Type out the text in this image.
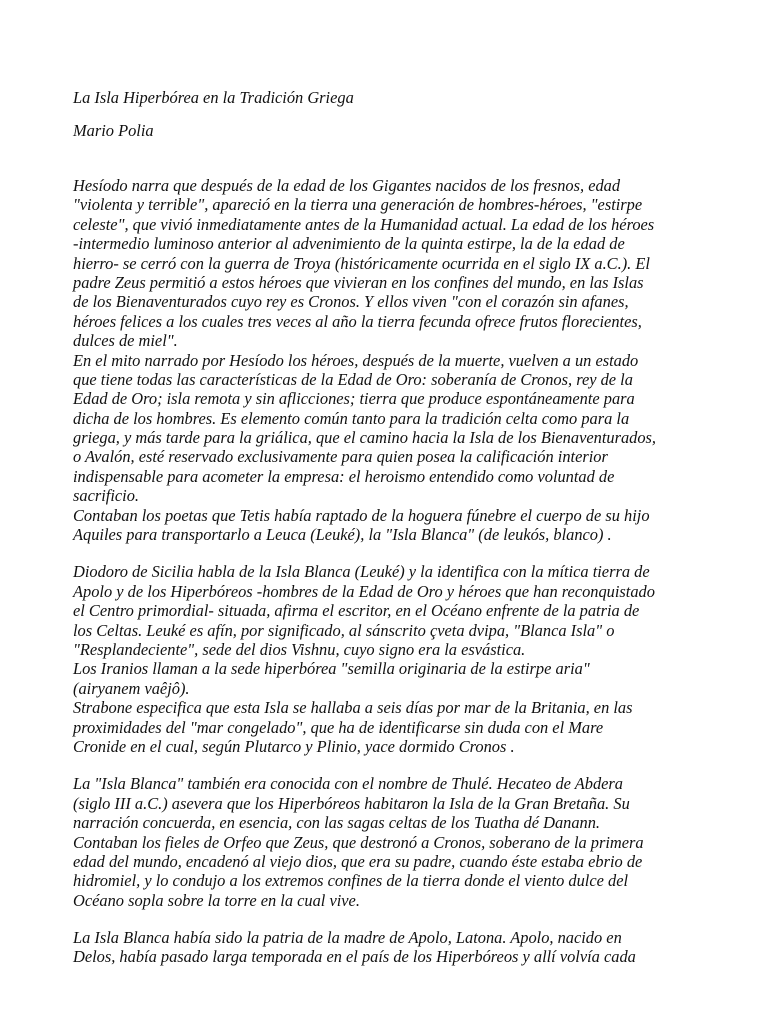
La Isla Hiperbórea en la Tradición Griega
Mario Polia
Hesíodo narra que después de la edad de los Gigantes nacidos de los fresnos, edad
"violenta y terrible", apareció en la tierra una generación de hombres-héroes, "estirpe
celeste", que vivió inmediatamente antes de la Humanidad actual. La edad de los héroes
-intermedio luminoso anterior al advenimiento de la quinta estirpe, la de la edad de
hierro- se cerró con la guerra de Troya (históricamente ocurrida en el siglo IX a.C.). El
padre Zeus permitió a estos héroes que vivieran en los confines del mundo, en las Islas
de los Bienaventurados cuyo rey es Cronos. Y ellos viven "con el corazón sin afanes,
héroes felices a los cuales tres veces al año la tierra fecunda ofrece frutos florecientes,
dulces de miel".
En el mito narrado por Hesíodo los héroes, después de la muerte, vuelven a un estado
que tiene todas las características de la Edad de Oro: soberanía de Cronos, rey de la
Edad de Oro; isla remota y sin aflicciones; tierra que produce espontáneamente para
dicha de los hombres. Es elemento común tanto para la tradición celta como para la
griega, y más tarde para la griálica, que el camino hacia la Isla de los Bienaventurados,
o Avalón, esté reservado exclusivamente para quien posea la calificación interior
indispensable para acometer la empresa: el heroismo entendido como voluntad de
sacrificio.
Contaban los poetas que Tetis había raptado de la hoguera fúnebre el cuerpo de su hijo
Aquiles para transportarlo a Leuca (Leuké), la "Isla Blanca" (de leukós, blanco) .
Diodoro de Sicilia habla de la Isla Blanca (Leuké) y la identifica con la mítica tierra de
Apolo y de los Hiperbóreos -hombres de la Edad de Oro y héroes que han reconquistado
el Centro primordial- situada, afirma el escritor, en el Océano enfrente de la patria de
los Celtas. Leuké es afín, por significado, al sánscrito çveta dvipa, "Blanca Isla" o
"Resplandeciente", sede del dios Vishnu, cuyo signo era la esvástica.
Los Iranios llaman a la sede hiperbórea "semilla originaria de la estirpe aria"
(airyanem vaêjô).
Strabone especifica que esta Isla se hallaba a seis días por mar de la Britania, en las
proximidades del "mar congelado", que ha de identificarse sin duda con el Mare
Cronide en el cual, según Plutarco y Plinio, yace dormido Cronos .
La "Isla Blanca" también era conocida con el nombre de Thulé. Hecateo de Abdera
(siglo III a.C.) asevera que los Hiperbóreos habitaron la Isla de la Gran Bretaña. Su
narración concuerda, en esencia, con las sagas celtas de los Tuatha dé Danann.
Contaban los fieles de Orfeo que Zeus, que destronó a Cronos, soberano de la primera
edad del mundo, encadenó al viejo dios, que era su padre, cuando éste estaba ebrio de
hidromiel, y lo condujo a los extremos confines de la tierra donde el viento dulce del
Océano sopla sobre la torre en la cual vive.
La Isla Blanca había sido la patria de la madre de Apolo, Latona. Apolo, nacido en
Delos, había pasado larga temporada en el país de los Hiperbóreos y allí volvía cada
